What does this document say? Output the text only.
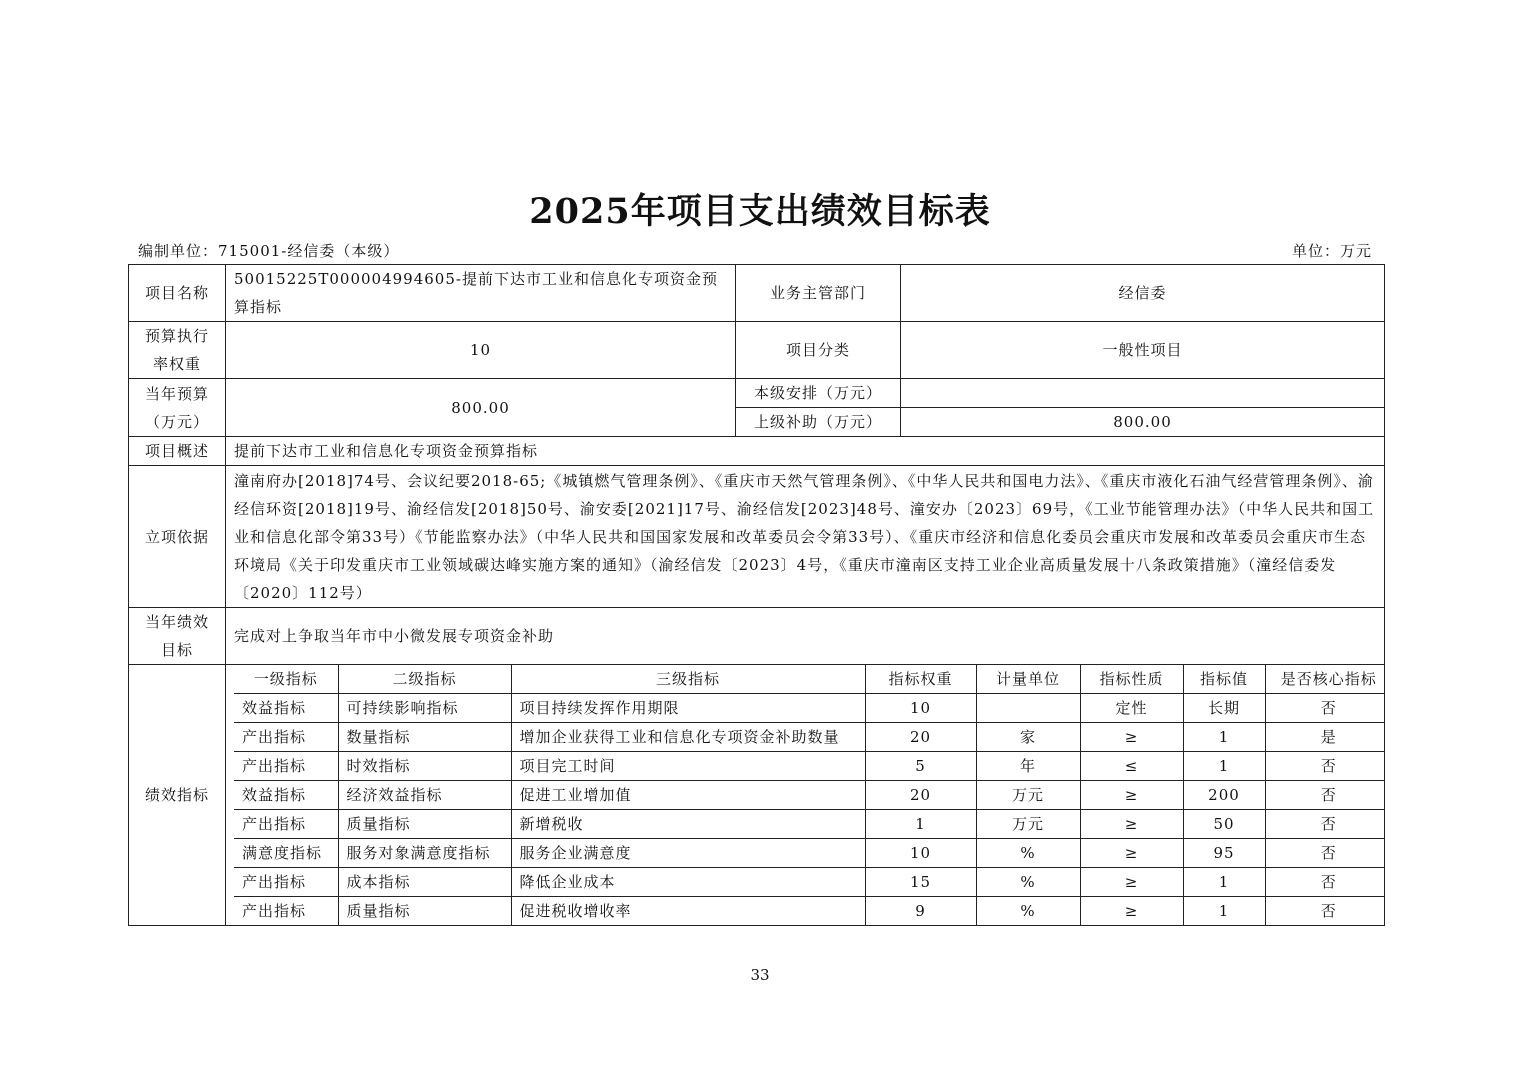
2025年项目支出绩效目标表
编制单位：715001-经信委（本级）	单位：万元
项目名称	50015225T000004994605-提前下达市工业和信息化专项资金预算指标	业务主管部门	经信委

预算执行
率权重
	10	项目分类	一般性项目

当年预算
（万元）
	800.00	本级安排（万元）	
上级补助（万元）	800.00
项目概述	提前下达市工业和信息化专项资金预算指标
立项依据	潼南府办[2018]74号、会议纪要2018-65;《城镇燃气管理条例》、《重庆市天然气管理条例》、《中华人民共和国电力法》、《重庆市液化石油气经营管理条例》、渝经信环资[2018]19号、渝经信发[2018]50号、渝安委[2021]17号、渝经信发[2023]48号、潼安办〔2023〕69号，《工业节能管理办法》（中华人民共和国工业和信息化部令第33号）《节能监察办法》（中华人民共和国国家发展和改革委员会令第33号）、《重庆市经济和信息化委员会重庆市发展和改革委员会重庆市生态环境局《关于印发重庆市工业领域碳达峰实施方案的通知》（渝经信发〔2023〕4号，《重庆市潼南区支持工业企业高质量发展十八条政策措施》（潼经信委发〔2020〕112号）

当年绩效
目标
	完成对上争取当年市中小微发展专项资金补助
绩效指标	
一级指标	二级指标	三级指标	指标权重	计量单位	指标性质	指标值	是否核心指标
效益指标	可持续影响指标	项目持续发挥作用期限	10		定性	长期	否
产出指标	数量指标	增加企业获得工业和信息化专项资金补助数量	20	家	≥	1	是
产出指标	时效指标	项目完工时间	5	年	≤	1	否
效益指标	经济效益指标	促进工业增加值	20	万元	≥	200	否
产出指标	质量指标	新增税收	1	万元	≥	50	否
满意度指标	服务对象满意度指标	服务企业满意度	10	%	≥	95	否
产出指标	成本指标	降低企业成本	15	%	≥	1	否
产出指标	质量指标	促进税收增收率	9	%	≥	1	否
33
